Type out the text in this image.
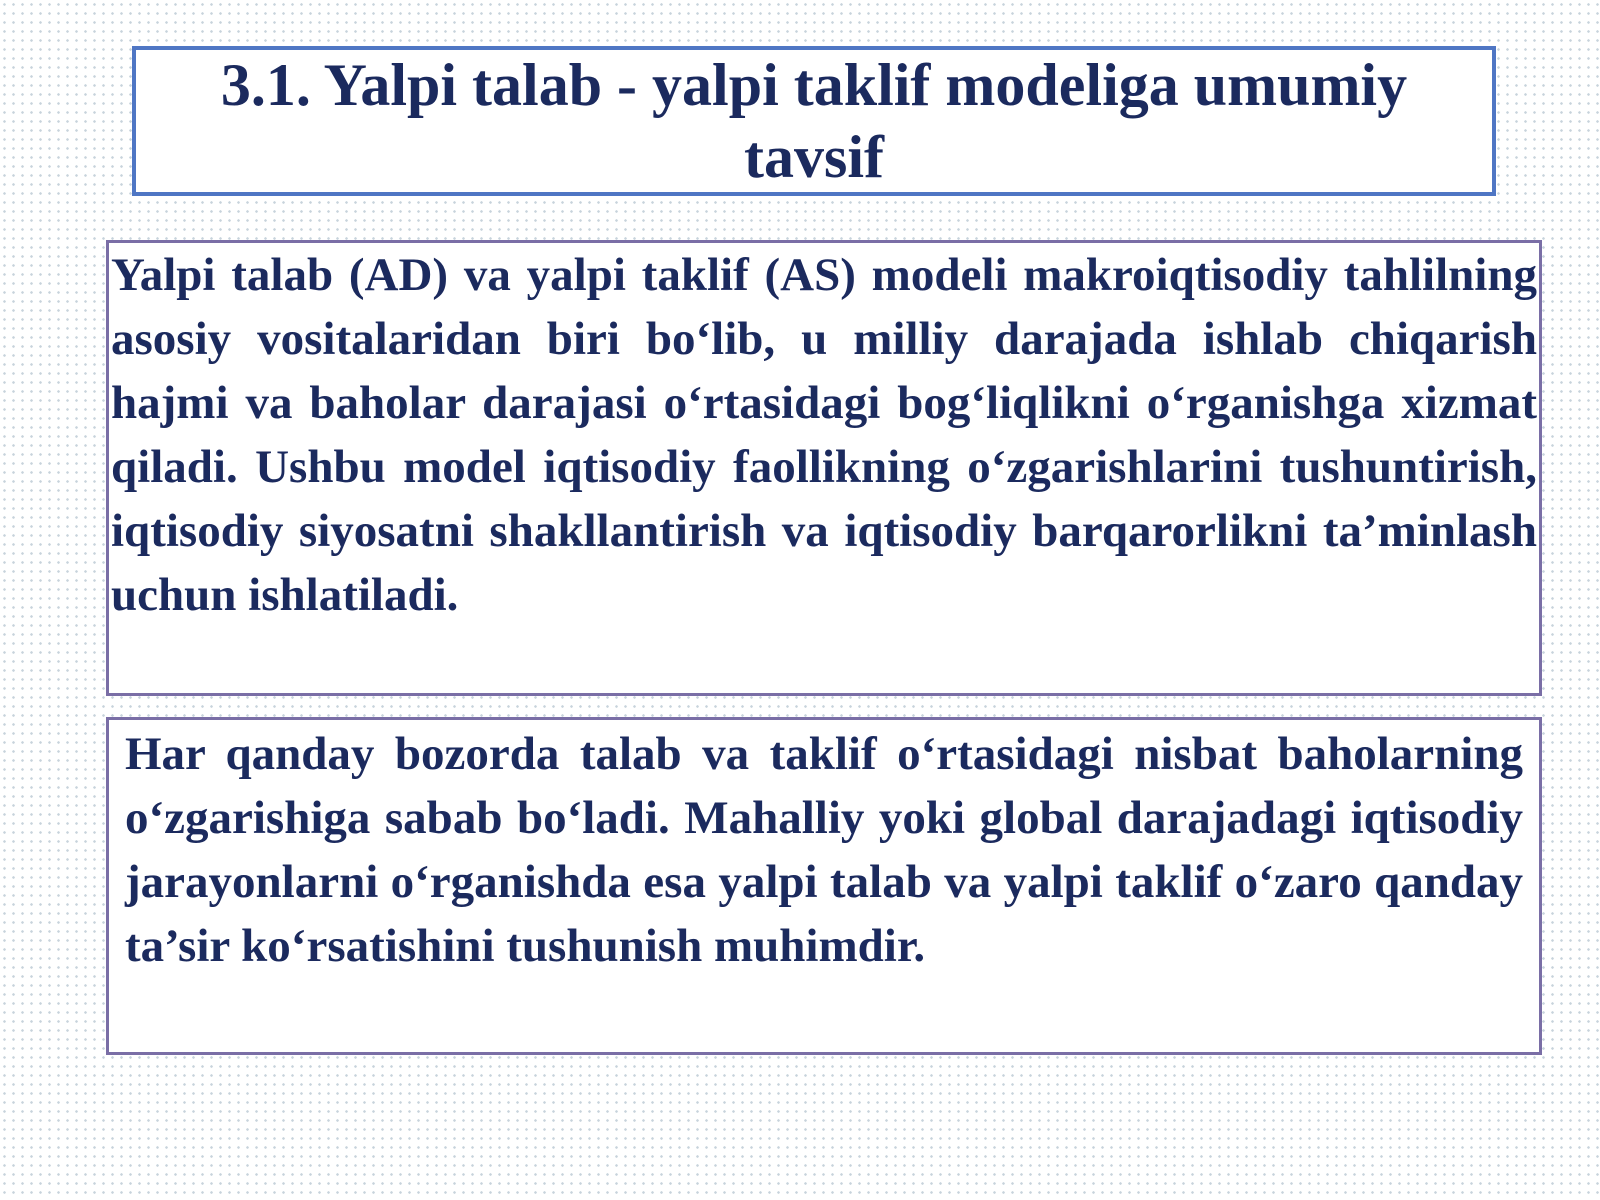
3.1. Yalpi talab - yalpi taklif modeliga umumiy tavsif
Yalpi talab (AD) va yalpi taklif (AS) modeli makroiqtisodiy tahlilning asosiy vositalaridan biri bo‘lib, u milliy darajada ishlab chiqarish hajmi va baholar darajasi o‘rtasidagi bog‘liqlikni o‘rganishga xizmat qiladi. Ushbu model iqtisodiy faollikning o‘zgarishlarini tushuntirish, iqtisodiy siyosatni shakllantirish va iqtisodiy barqarorlikni ta’minlash uchun ishlatiladi.
Har qanday bozorda talab va taklif o‘rtasidagi nisbat baholarning o‘zgarishiga sabab bo‘ladi. Mahalliy yoki global darajadagi iqtisodiy jarayonlarni o‘rganishda esa yalpi talab va yalpi taklif o‘zaro qanday ta’sir ko‘rsatishini tushunish muhimdir.
